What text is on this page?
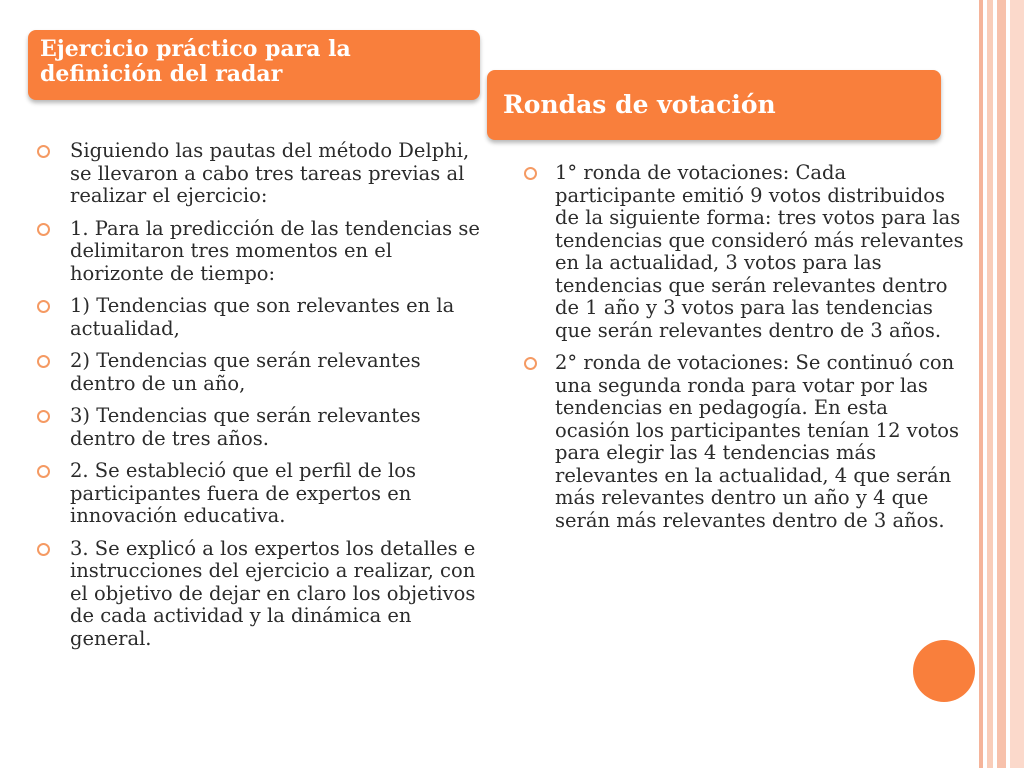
Ejercicio práctico para la
definición del radar
Rondas de votación
Siguiendo las pautas del método Delphi, se llevaron a cabo tres tareas previas al realizar el ejercicio:
1. Para la predicción de las tendencias se delimitaron tres momentos en el horizonte de tiempo:
1) Tendencias que son relevantes en la actualidad,
2) Tendencias que serán relevantes dentro de un año,
3) Tendencias que serán relevantes dentro de tres años.
2. Se estableció que el perfil de los participantes fuera de expertos en innovación educativa.
3. Se explicó a los expertos los detalles e instrucciones del ejercicio a realizar, con el objetivo de dejar en claro los objetivos de cada actividad y la dinámica en general.
1° ronda de votaciones: Cada participante emitió 9 votos distribuidos de la siguiente forma: tres votos para las tendencias que consideró más relevantes en la actualidad, 3 votos para las tendencias que serán relevantes dentro de 1 año y 3 votos para las tendencias que serán relevantes dentro de 3 años.
2° ronda de votaciones: Se continuó con una segunda ronda para votar por las tendencias en pedagogía. En esta ocasión los participantes tenían 12 votos para elegir las 4 tendencias más relevantes en la actualidad, 4 que serán más relevantes dentro un año y 4 que serán más relevantes dentro de 3 años.
